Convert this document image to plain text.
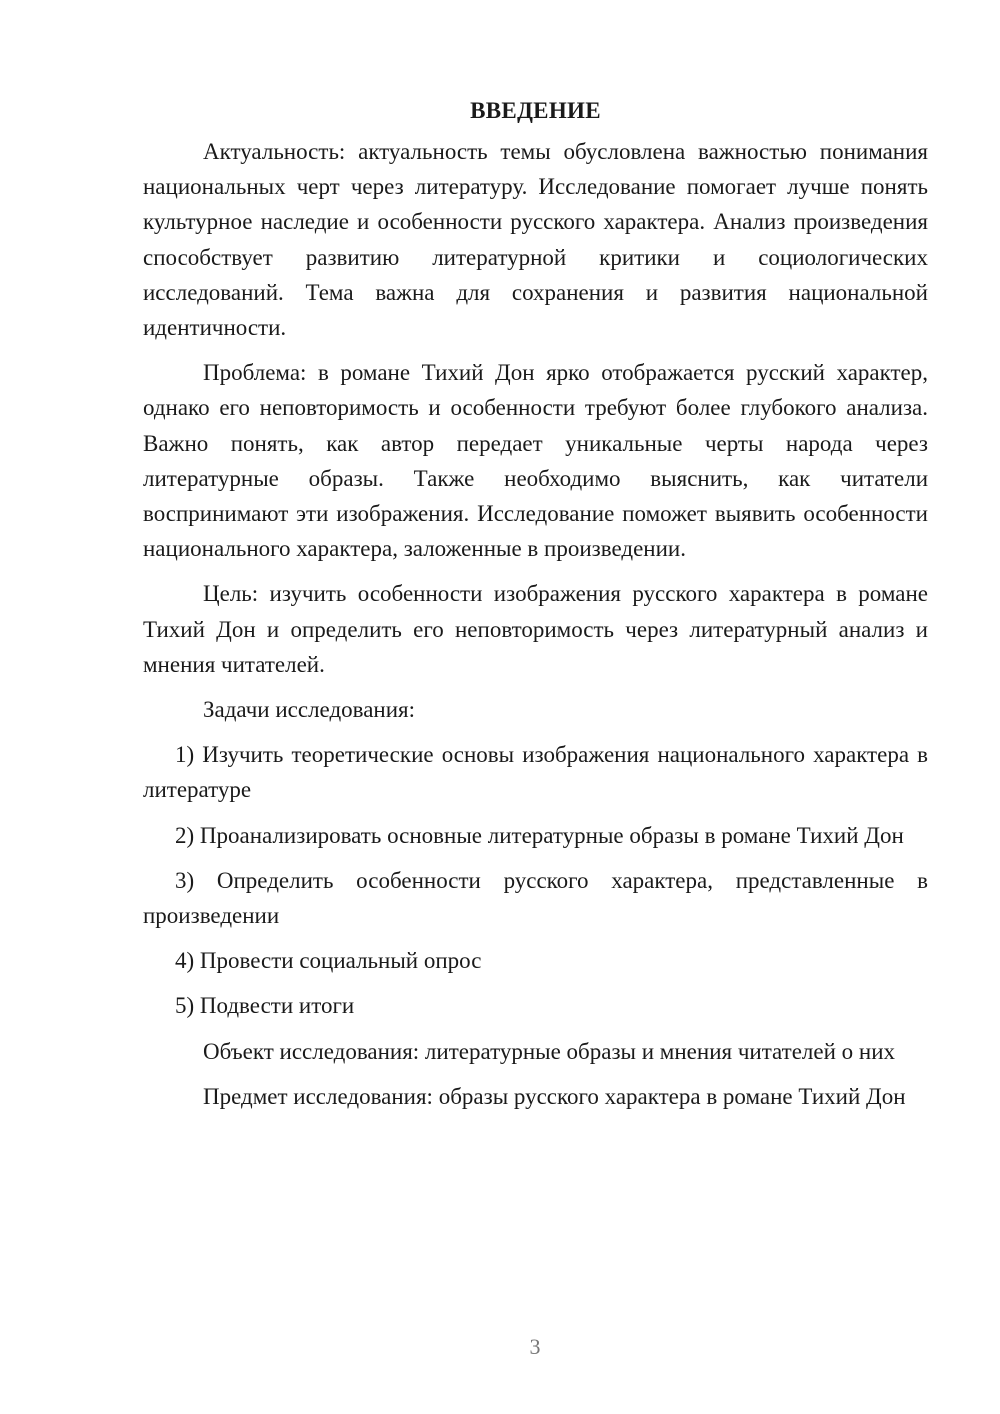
ВВЕДЕНИЕ

Актуальность: актуальность темы обусловлена важностью понимания национальных черт через литературу. Исследование помогает лучше понять культурное наследие и особенности русского характера. Анализ произведения способствует развитию литературной критики и социологических исследований. Тема важна для сохранения и развития национальной идентичности.

Проблема: в романе Тихий Дон ярко отображается русский характер, однако его неповторимость и особенности требуют более глубокого анализа. Важно понять, как автор передает уникальные черты народа через литературные образы. Также необходимо выяснить, как читатели воспринимают эти изображения. Исследование поможет выявить особенности национального характера, заложенные в произведении.

Цель: изучить особенности изображения русского характера в романе Тихий Дон и определить его неповторимость через литературный анализ и мнения читателей.

Задачи исследования:

1) Изучить теоретические основы изображения национального характера в литературе

2) Проанализировать основные литературные образы в романе Тихий Дон

3) Определить особенности русского характера, представленные в произведении

4) Провести социальный опрос

5) Подвести итоги

Объект исследования: литературные образы и мнения читателей о них

Предмет исследования: образы русского характера в романе Тихий Дон

3
